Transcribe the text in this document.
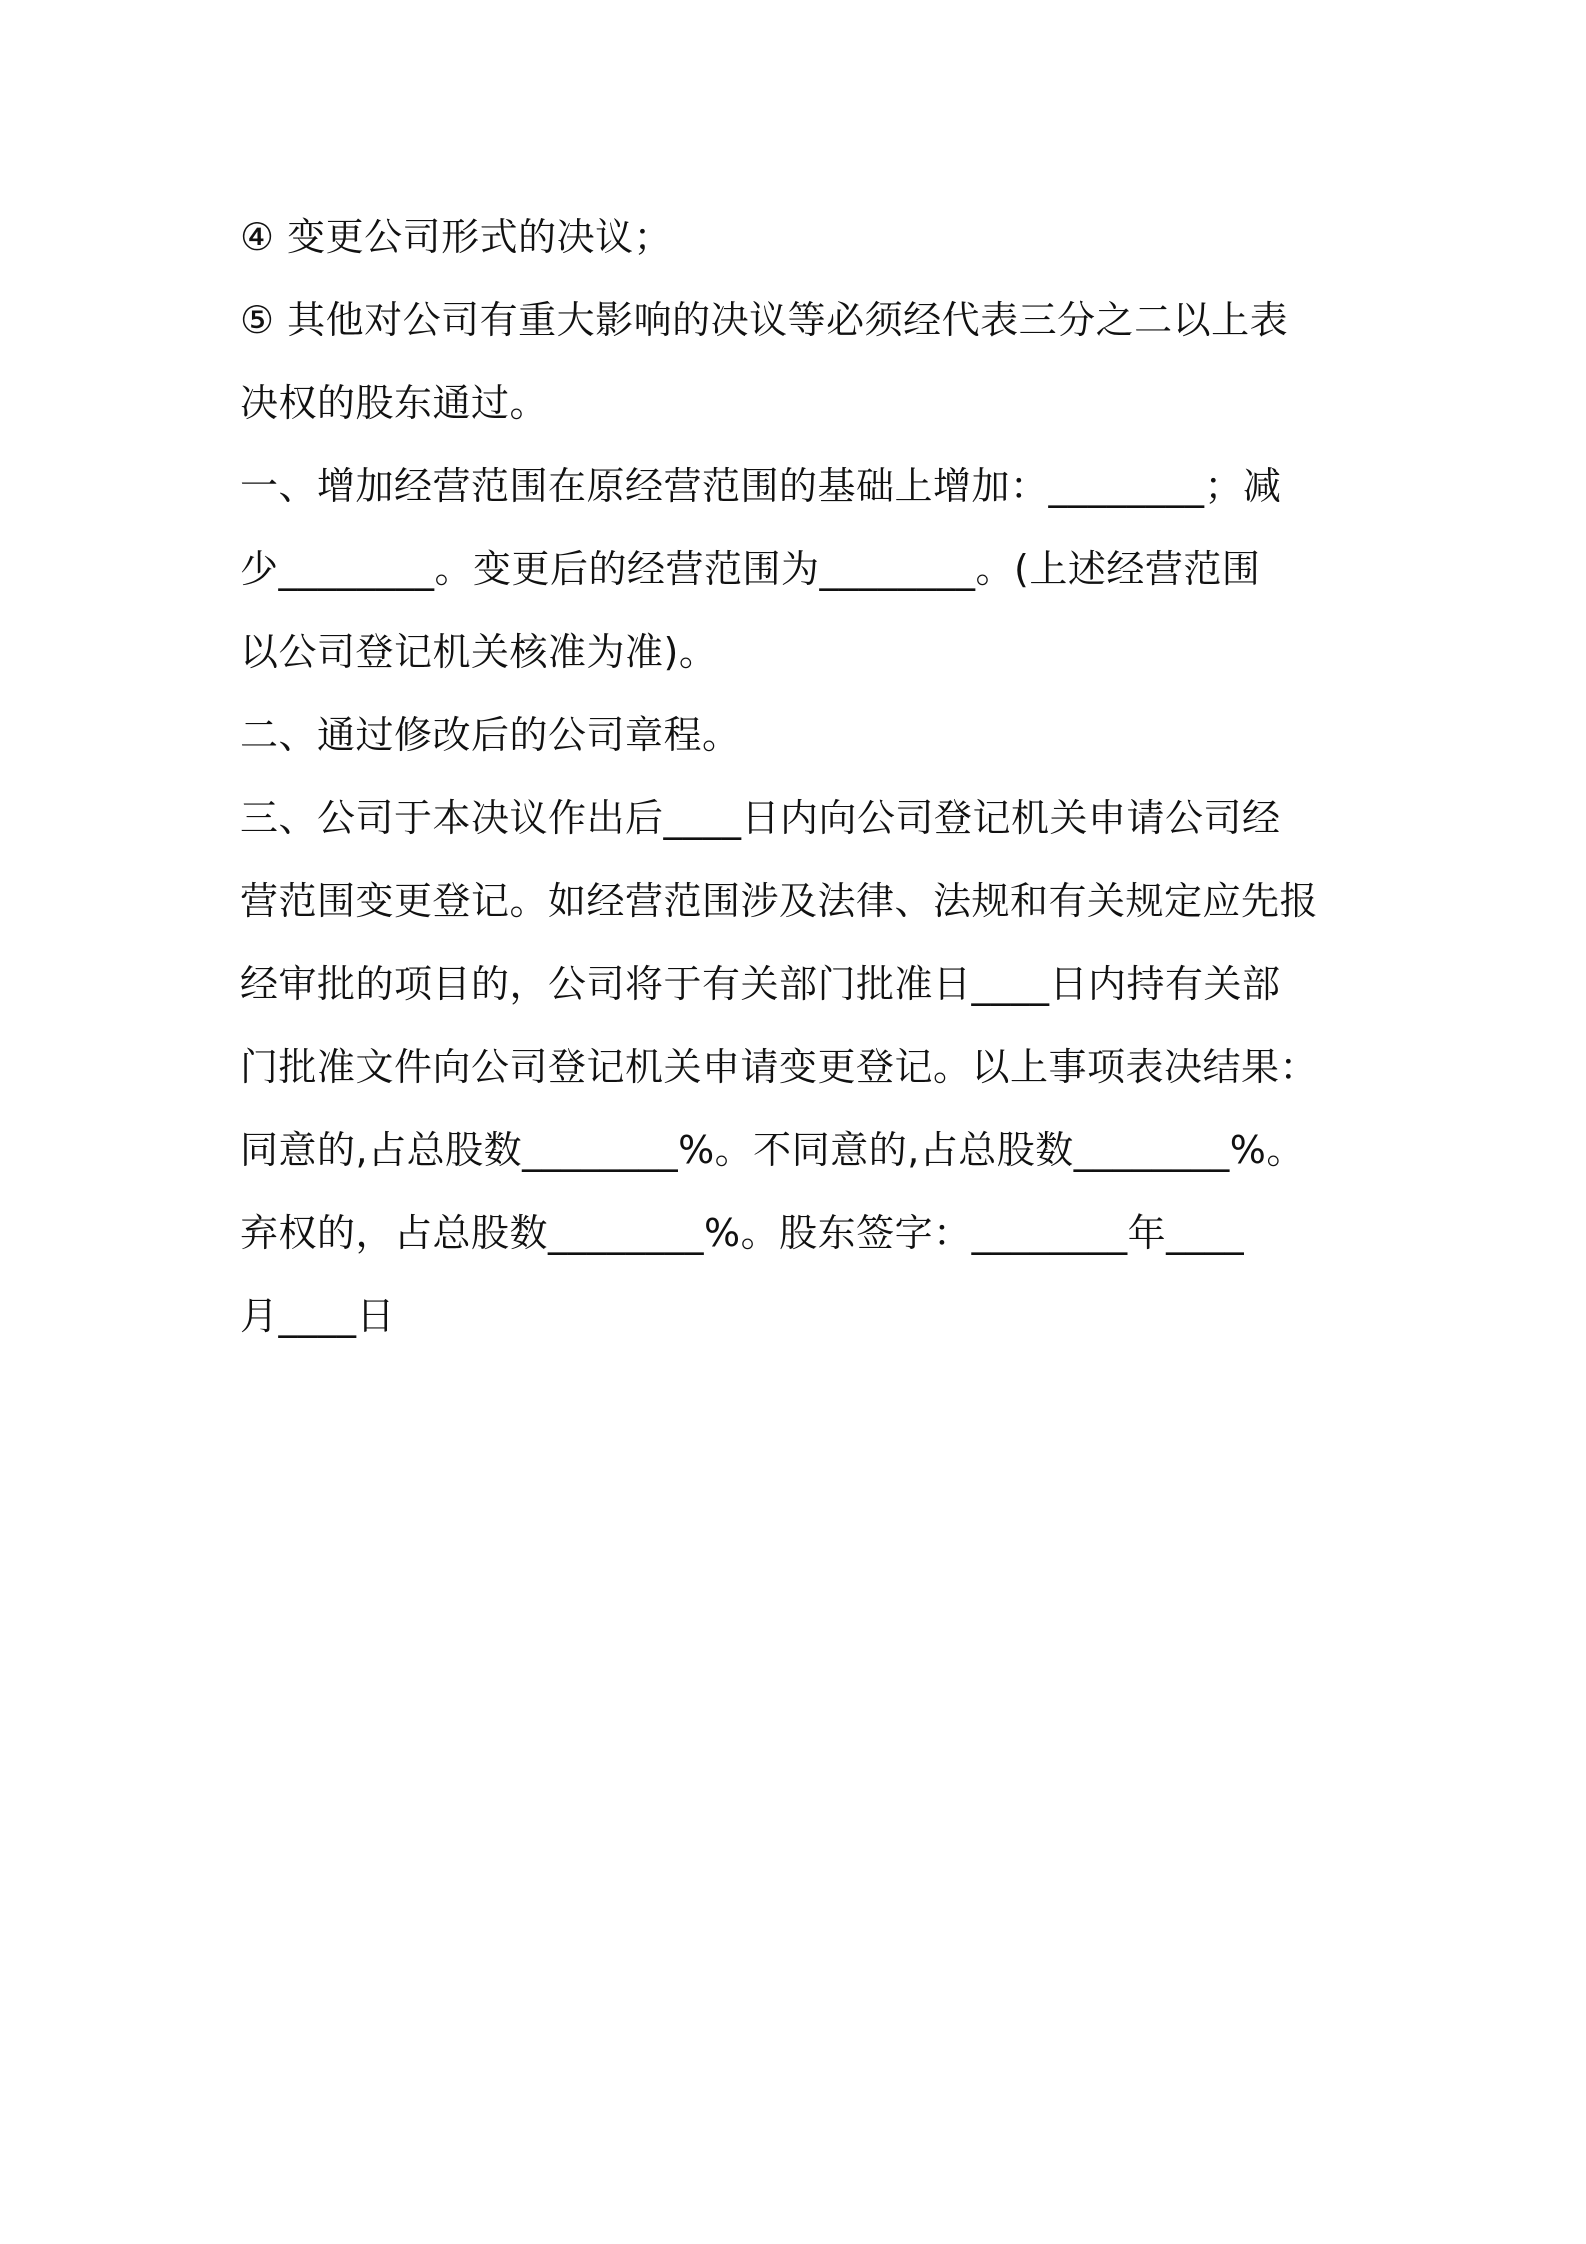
④ 变更公司形式的决议；
⑤ 其他对公司有重大影响的决议等必须经代表三分之二以上表
决权的股东通过。
一、增加经营范围在原经营范围的基础上增加：________；减
少________。变更后的经营范围为________。(上述经营范围
以公司登记机关核准为准)。
二、通过修改后的公司章程。
三、公司于本决议作出后____日内向公司登记机关申请公司经
营范围变更登记。如经营范围涉及法律、法规和有关规定应先报
经审批的项目的，公司将于有关部门批准日____日内持有关部
门批准文件向公司登记机关申请变更登记。以上事项表决结果：
同意的,占总股数________%。不同意的,占总股数________%。
弃权的，占总股数________%。股东签字：________年____
月____日
